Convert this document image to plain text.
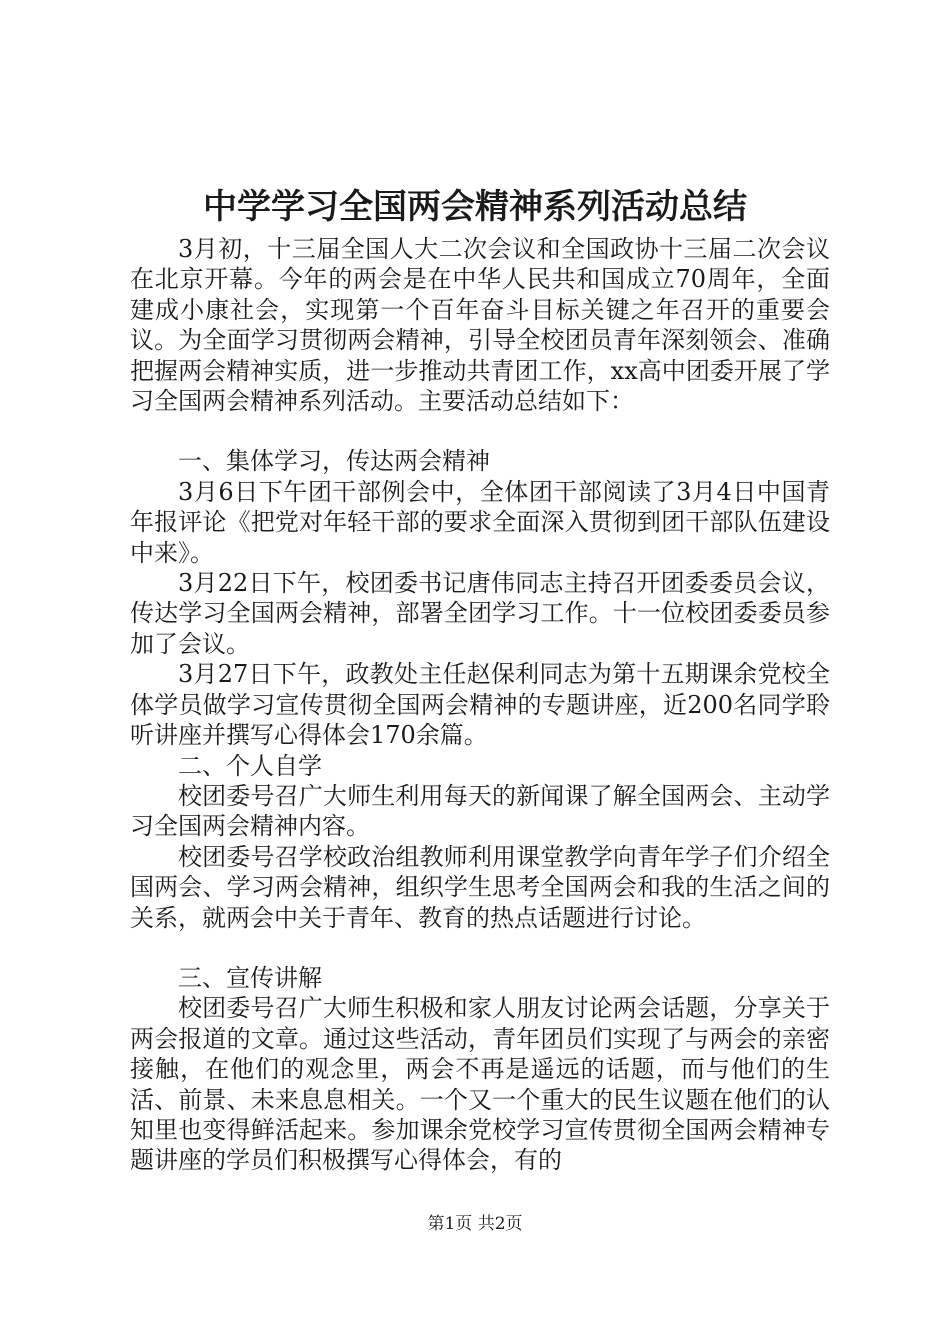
中学学习全国两会精神系列活动总结

3月初，十三届全国人大二次会议和全国政协十三届二次会议在北京开幕。今年的两会是在中华人民共和国成立70周年，全面建成小康社会，实现第一个百年奋斗目标关键之年召开的重要会议。为全面学习贯彻两会精神，引导全校团员青年深刻领会、准确把握两会精神实质，进一步推动共青团工作，xx高中团委开展了学习全国两会精神系列活动。主要活动总结如下：

一、集体学习，传达两会精神

3月6日下午团干部例会中，全体团干部阅读了3月4日中国青年报评论《把党对年轻干部的要求全面深入贯彻到团干部队伍建设中来》。

3月22日下午，校团委书记唐伟同志主持召开团委委员会议，传达学习全国两会精神，部署全团学习工作。十一位校团委委员参加了会议。

3月27日下午，政教处主任赵保利同志为第十五期课余党校全体学员做学习宣传贯彻全国两会精神的专题讲座，近200名同学聆听讲座并撰写心得体会170余篇。

二、个人自学

校团委号召广大师生利用每天的新闻课了解全国两会、主动学习全国两会精神内容。

校团委号召学校政治组教师利用课堂教学向青年学子们介绍全国两会、学习两会精神，组织学生思考全国两会和我的生活之间的关系，就两会中关于青年、教育的热点话题进行讨论。

三、宣传讲解

校团委号召广大师生积极和家人朋友讨论两会话题，分享关于两会报道的文章。通过这些活动，青年团员们实现了与两会的亲密接触，在他们的观念里，两会不再是遥远的话题，而与他们的生活、前景、未来息息相关。一个又一个重大的民生议题在他们的认知里也变得鲜活起来。参加课余党校学习宣传贯彻全国两会精神专题讲座的学员们积极撰写心得体会，有的

第1页 共2页
